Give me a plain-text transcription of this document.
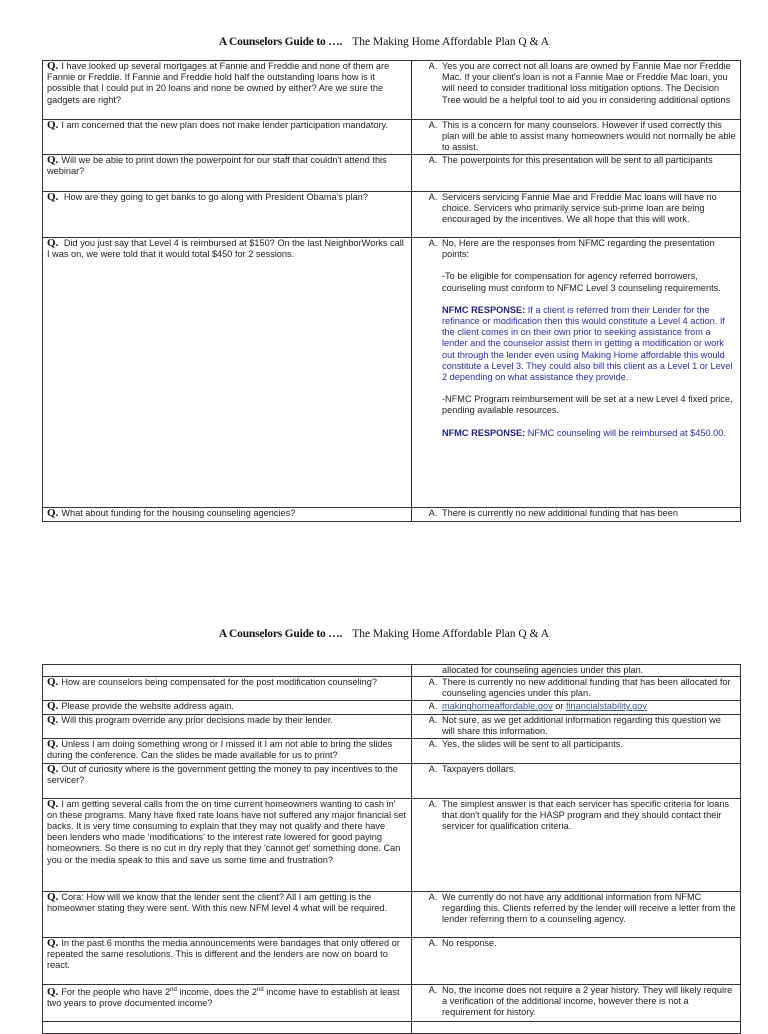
A Counselors Guide to …. The Making Home Affordable Plan Q & A
Q. I have looked up several mortgages at Fannie and Freddie and none of them are Fannie or Freddie. If Fannie and Freddie hold half the outstanding loans how is it possible that I could put in 20 loans and none be owned by either? Are we sure the gadgets are right?	
A. Yes you are correct not all loans are owned by Fannie Mae nor Freddie Mac. If your client's loan is not a Fannie Mae or Freddie Mac loan, you will need to consider traditional loss mitigation options. The Decision Tree would be a helpful tool to aid you in considering additional options

Q. I am concerned that the new plan does not make lender participation mandatory.	A. This is a concern for many counselors. However if used correctly this plan will be able to assist many homeowners would not normally be able to assist.

Q. Will we be able to print down the powerpoint for our staff that couldn't attend this webinar?	A. The powerpoints for this presentation will be sent to all participants

Q. How are they going to get banks to go along with President Obama's plan?	A. Servicers servicing Fannie Mae and Freddie Mac loans will have no choice. Servicers who primarily service sub-prime loan are being encouraged by the incentives. We all hope that this will work.

Q. Did you just say that Level 4 is reimbursed at $150? On the last NeighborWorks call I was on, we were told that it would total $450 for 2 sessions.	
A. No, Here are the responses from NFMC regarding the presentation points:

-To be eligible for compensation for agency referred borrowers, counseling must conform to NFMC Level 3 counseling requirements.

NFMC RESPONSE: If a client is referred from their Lender for the refinance or modification then this would constitute a Level 4 action. If the client comes in on their own prior to seeking assistance from a lender and the counselor assist them in getting a modification or work out through the lender even using Making Home affordable this would constitute a Level 3. They could also bill this client as a Level 1 or Level 2 depending on what assistance they provide.

-NFMC Program reimbursement will be set at a new Level 4 fixed price, pending available resources.

NFMC RESPONSE: NFMC counseling will be reimbursed at $450.00.

Q. What about funding for the housing counseling agencies?	A. There is currently no new additional funding that has been
A Counselors Guide to …. The Making Home Affordable Plan Q & A

	allocated for counseling agencies under this plan.

Q. How are counselors being compensated for the post modification counseling?	A. There is currently no new additional funding that has been allocated for counseling agencies under this plan.

Q. Please provide the website address again.	A. makinghomeaffordable.gov or financialstability.gov

Q. Will this program override any prior decisions made by their lender.	A. Not sure, as we get additional information regarding this question we will share this information.

Q. Unless I am doing something wrong or I missed it I am not able to bring the slides during the conference. Can the slides be made available for us to print?	A. Yes, the slides will be sent to all participants.

Q. Out of curiosity where is the government getting the money to pay incentives to the servicer?	A. Taxpayers dollars.

Q. I am getting several calls from the on time current homeowners wanting to cash in' on these programs. Many have fixed rate loans have not suffered any major financial set backs. It is very time consuming to explain that they may not qualify and there have been lenders who made 'modifications' to the interest rate lowered for good paying homeowners. So there is no cut in dry reply that they 'cannot get' something done. Can you or the media speak to this and save us some time and frustration?	A. The simplest answer is that each servicer has specific criteria for loans that don't qualify for the HASP program and they should contact their servicer for qualification criteria.

Q. Cora: How will we know that the lender sent the client? All I am getting is the homeowner stating they were sent. With this new NFM level 4 what will be required.	A. We currently do not have any additional information from NFMC regarding this. Clients referred by the lender will receive a letter from the lender referring them to a counseling agency.

Q. In the past 6 months the media announcements were bandages that only offered or repeated the same resolutions. This is different and the lenders are now on board to react.	A. No response.

Q. For the people who have 2nd income, does the 2nd income have to establish at least two years to prove documented income?	A. No, the income does not require a 2 year history. They will likely require a verification of the additional income, however there is not a requirement for history.
